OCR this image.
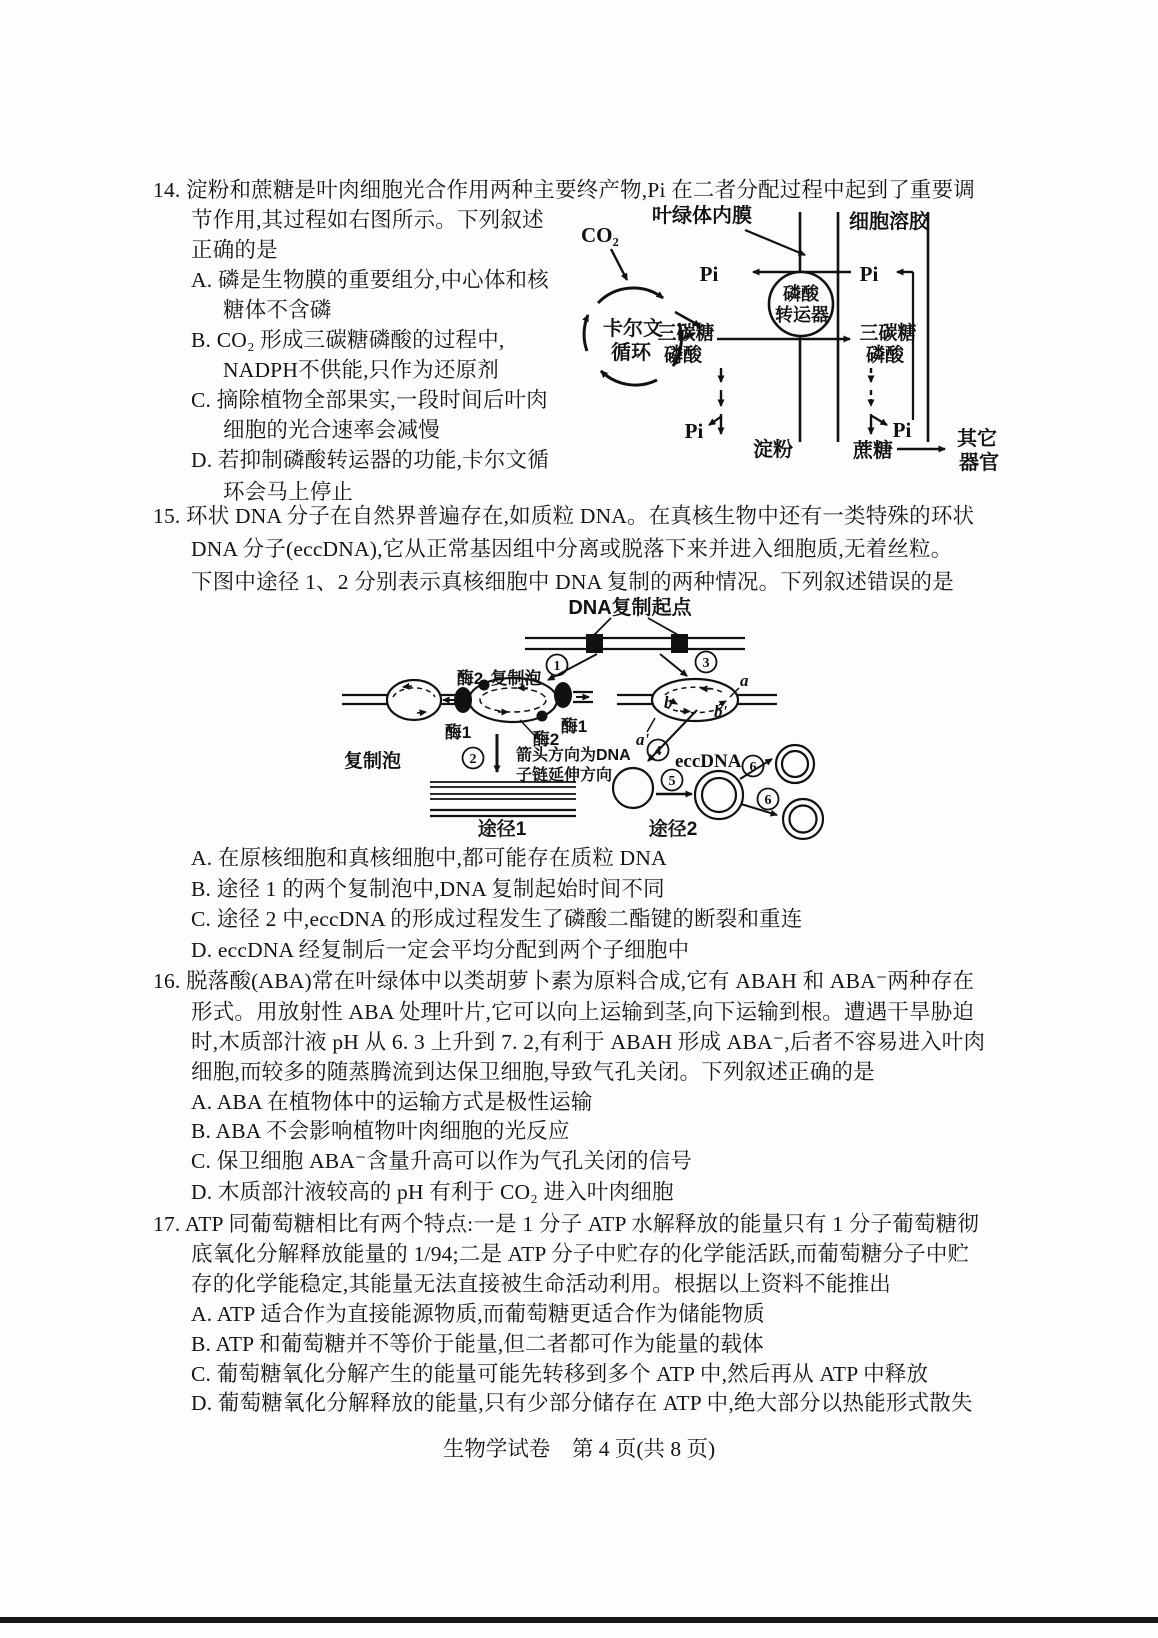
14. 淀粉和蔗糖是叶肉细胞光合作用两种主要终产物,Pi 在二者分配过程中起到了重要调
节作用,其过程如右图所示。下列叙述
正确的是
A. 磷是生物膜的重要组分,中心体和核
糖体不含磷
B. CO₂ 形成三碳糖磷酸的过程中,
NADPH不供能,只作为还原剂
C. 摘除植物全部果实,一段时间后叶肉
细胞的光合速率会减慢
D. 若抑制磷酸转运器的功能,卡尔文循
环会马上停止
CO₂
卡尔文
循环
叶绿体内膜	细胞溶胶
Pi	Pi
磷酸
转运器
三碳糖
磷酸
三碳糖
磷酸
Pi
淀粉
Pi
蔗糖
其它
器官
15. 环状 DNA 分子在自然界普遍存在,如质粒 DNA。在真核生物中还有一类特殊的环状
DNA 分子(eccDNA),它从正常基因组中分离或脱落下来并进入细胞质,无着丝粒。
下图中途径 1、2 分别表示真核细胞中 DNA 复制的两种情况。下列叙述错误的是
DNA复制起点
1	3
酶2 复制泡
酶1	酶1
酶2
复制泡	2 箭头方向为DNA
子链延伸方向
途径1
a
b b'
a'
4
5
eccDNA 6
6
途径2
A. 在原核细胞和真核细胞中,都可能存在质粒 DNA
B. 途径 1 的两个复制泡中,DNA 复制起始时间不同
C. 途径 2 中,eccDNA 的形成过程发生了磷酸二酯键的断裂和重连
D. eccDNA 经复制后一定会平均分配到两个子细胞中
16. 脱落酸(ABA)常在叶绿体中以类胡萝卜素为原料合成,它有 ABAH 和 ABA⁻两种存在
形式。用放射性 ABA 处理叶片,它可以向上运输到茎,向下运输到根。遭遇干旱胁迫
时,木质部汁液 pH 从 6. 3 上升到 7. 2,有利于 ABAH 形成 ABA⁻,后者不容易进入叶肉
细胞,而较多的随蒸腾流到达保卫细胞,导致气孔关闭。下列叙述正确的是
A. ABA 在植物体中的运输方式是极性运输
B. ABA 不会影响植物叶肉细胞的光反应
C. 保卫细胞 ABA⁻含量升高可以作为气孔关闭的信号
D. 木质部汁液较高的 pH 有利于 CO₂ 进入叶肉细胞
17. ATP 同葡萄糖相比有两个特点:一是 1 分子 ATP 水解释放的能量只有 1 分子葡萄糖彻
底氧化分解释放能量的 1/94;二是 ATP 分子中贮存的化学能活跃,而葡萄糖分子中贮
存的化学能稳定,其能量无法直接被生命活动利用。根据以上资料不能推出
A. ATP 适合作为直接能源物质,而葡萄糖更适合作为储能物质
B. ATP 和葡萄糖并不等价于能量,但二者都可作为能量的载体
C. 葡萄糖氧化分解产生的能量可能先转移到多个 ATP 中,然后再从 ATP 中释放
D. 葡萄糖氧化分解释放的能量,只有少部分储存在 ATP 中,绝大部分以热能形式散失
生物学试卷　第 4 页(共 8 页)
